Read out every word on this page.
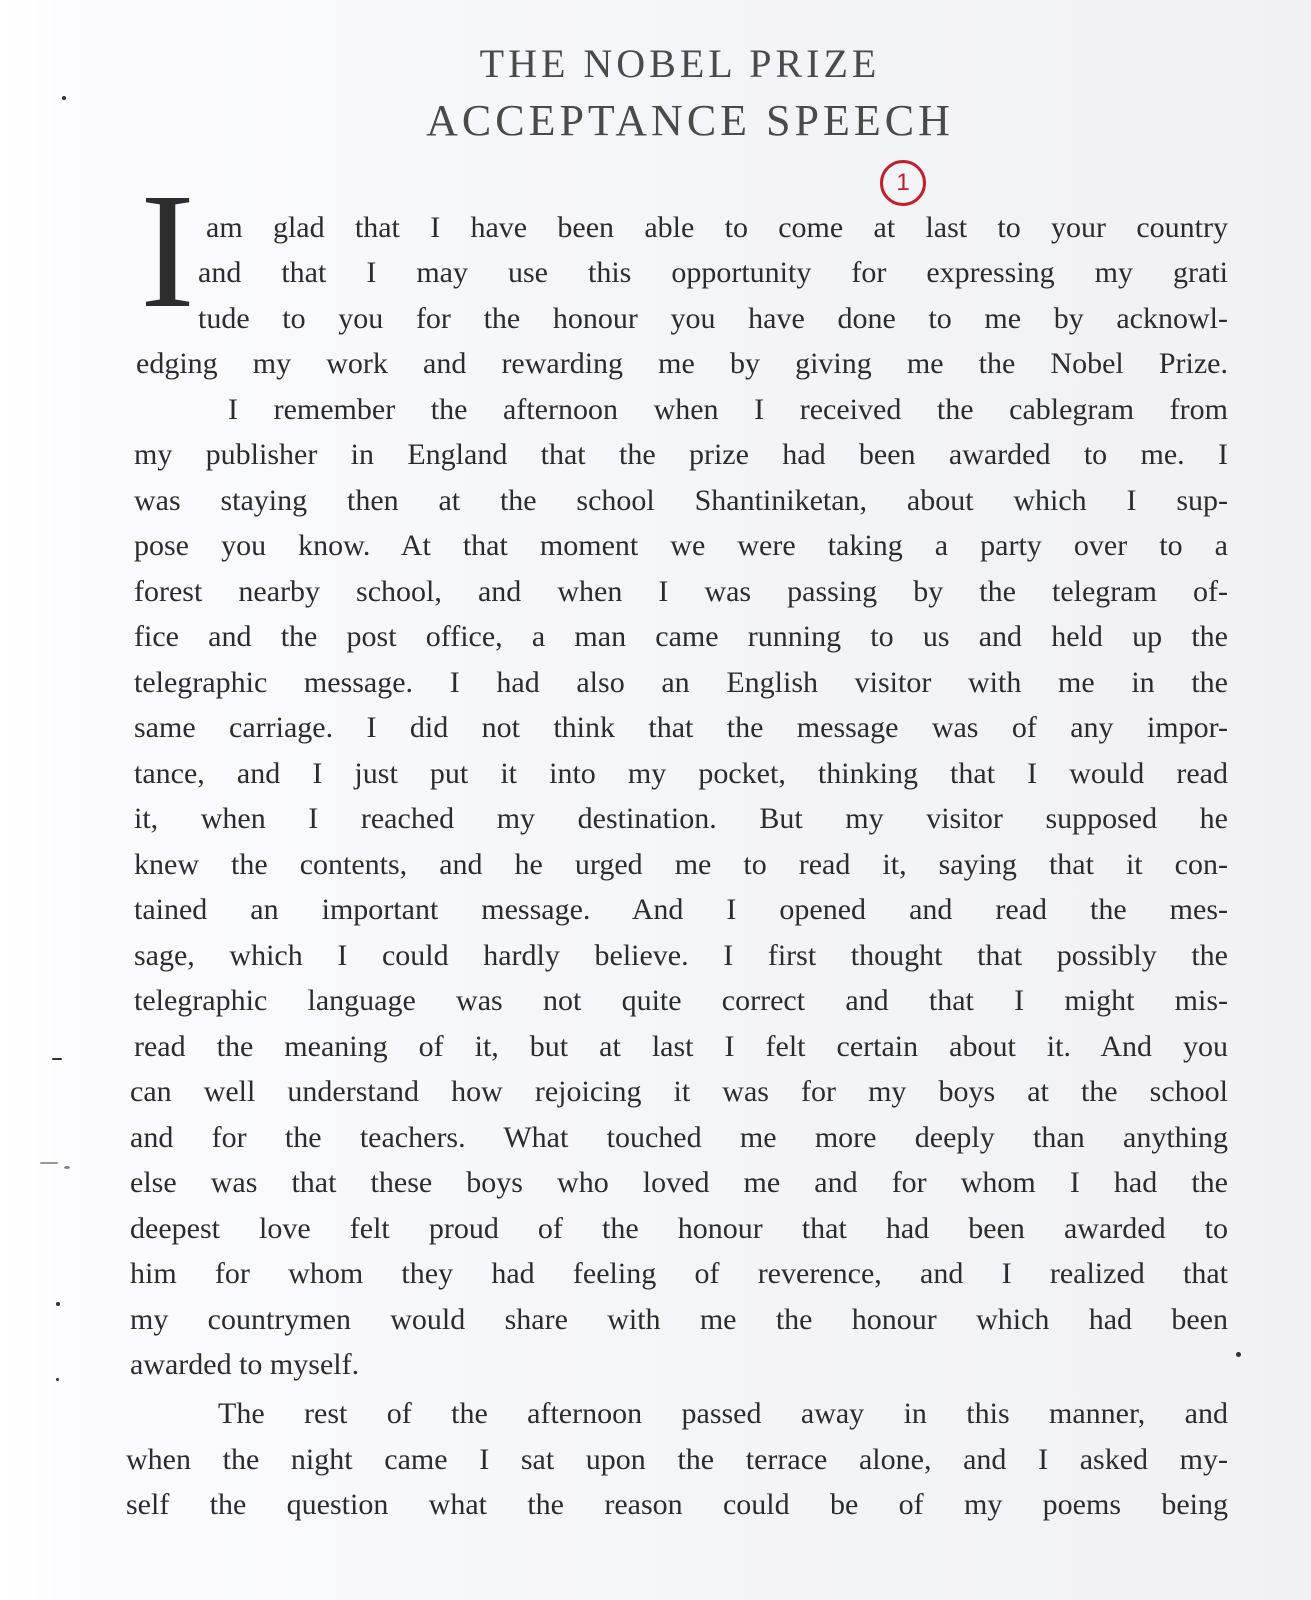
THE NOBEL PRIZE
ACCEPTANCE SPEECH
1
I am glad that I have been able to come at last to your country
and that I may use this opportunity for expressing my grati
tude to you for the honour you have done to me by acknowl-
edging my work and rewarding me by giving me the Nobel Prize.
I remember the afternoon when I received the cablegram from
my publisher in England that the prize had been awarded to me. I
was staying then at the school Shantiniketan, about which I sup-
pose you know. At that moment we were taking a party over to a
forest nearby school, and when I was passing by the telegram of-
fice and the post office, a man came running to us and held up the
telegraphic message. I had also an English visitor with me in the
same carriage. I did not think that the message was of any impor-
tance, and I just put it into my pocket, thinking that I would read
it, when I reached my destination. But my visitor supposed he
knew the contents, and he urged me to read it, saying that it con-
tained an important message. And I opened and read the mes-
sage, which I could hardly believe. I first thought that possibly the
telegraphic language was not quite correct and that I might mis-
read the meaning of it, but at last I felt certain about it. And you
can well understand how rejoicing it was for my boys at the school
and for the teachers. What touched me more deeply than anything
else was that these boys who loved me and for whom I had the
deepest love felt proud of the honour that had been awarded to
him for whom they had feeling of reverence, and I realized that
my countrymen would share with me the honour which had been
awarded to myself.
The rest of the afternoon passed away in this manner, and
when the night came I sat upon the terrace alone, and I asked my-
self the question what the reason could be of my poems being
